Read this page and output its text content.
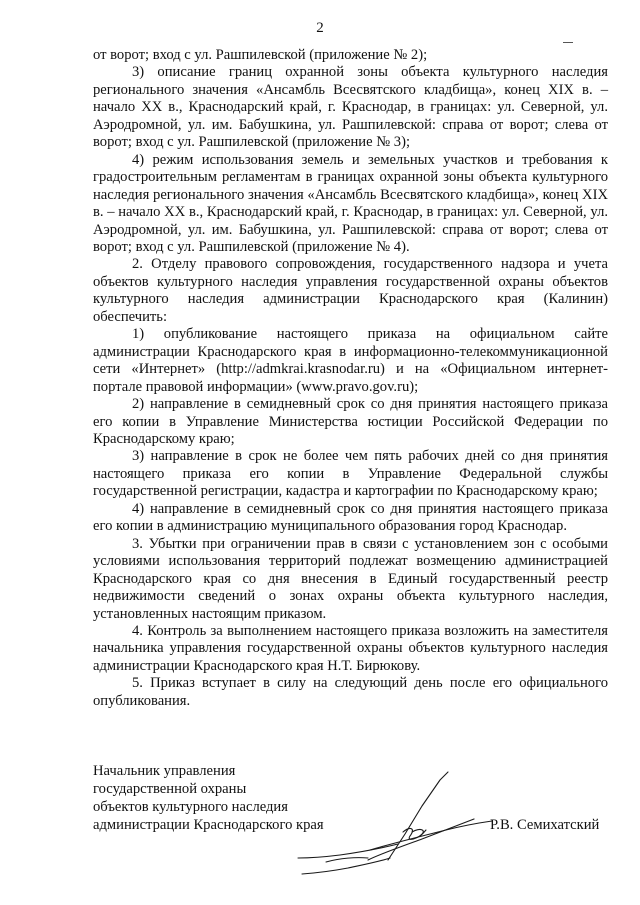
2

от ворот; вход с ул. Рашпилевской (приложение № 2);

3) описание границ охранной зоны объекта культурного наследия регионального значения «Ансамбль Всесвятского кладбища», конец XIX в. – начало XX в., Краснодарский край, г. Краснодар, в границах: ул. Северной, ул. Аэродромной, ул. им. Бабушкина, ул. Рашпилевской: справа от ворот; слева от ворот; вход с ул. Рашпилевской (приложение № 3);

4) режим использования земель и земельных участков и требования к градостроительным регламентам в границах охранной зоны объекта культурного наследия регионального значения «Ансамбль Всесвятского кладбища», конец XIX в. – начало XX в., Краснодарский край, г. Краснодар, в границах: ул. Северной, ул. Аэродромной, ул. им. Бабушкина, ул. Рашпилевской: справа от ворот; слева от ворот; вход с ул. Рашпилевской (приложение № 4).

2. Отделу правового сопровождения, государственного надзора и учета объектов культурного наследия управления государственной охраны объектов культурного наследия администрации Краснодарского края (Калинин) обеспечить:

1) опубликование настоящего приказа на официальном сайте администрации Краснодарского края в информационно-телекоммуникационной сети «Интернет» (http://admkrai.krasnodar.ru) и на «Официальном интернет-портале правовой информации» (www.pravo.gov.ru);

2) направление в семидневный срок со дня принятия настоящего приказа его копии в Управление Министерства юстиции Российской Федерации по Краснодарскому краю;

3) направление в срок не более чем пять рабочих дней со дня принятия настоящего приказа его копии в Управление Федеральной службы государственной регистрации, кадастра и картографии по Краснодарскому краю;

4) направление в семидневный срок со дня принятия настоящего приказа его копии в администрацию муниципального образования город Краснодар.

3. Убытки при ограничении прав в связи с установлением зон с особыми условиями использования территорий подлежат возмещению администрацией Краснодарского края со дня внесения в Единый государственный реестр недвижимости сведений о зонах охраны объекта культурного наследия, установленных настоящим приказом.

4. Контроль за выполнением настоящего приказа возложить на заместителя начальника управления государственной охраны объектов культурного наследия администрации Краснодарского края Н.Т. Бирюкову.

5. Приказ вступает в силу на следующий день после его официального опубликования.

Начальник управления
государственной охраны
объектов культурного наследия
администрации Краснодарского края	Р.В. Семихатский
